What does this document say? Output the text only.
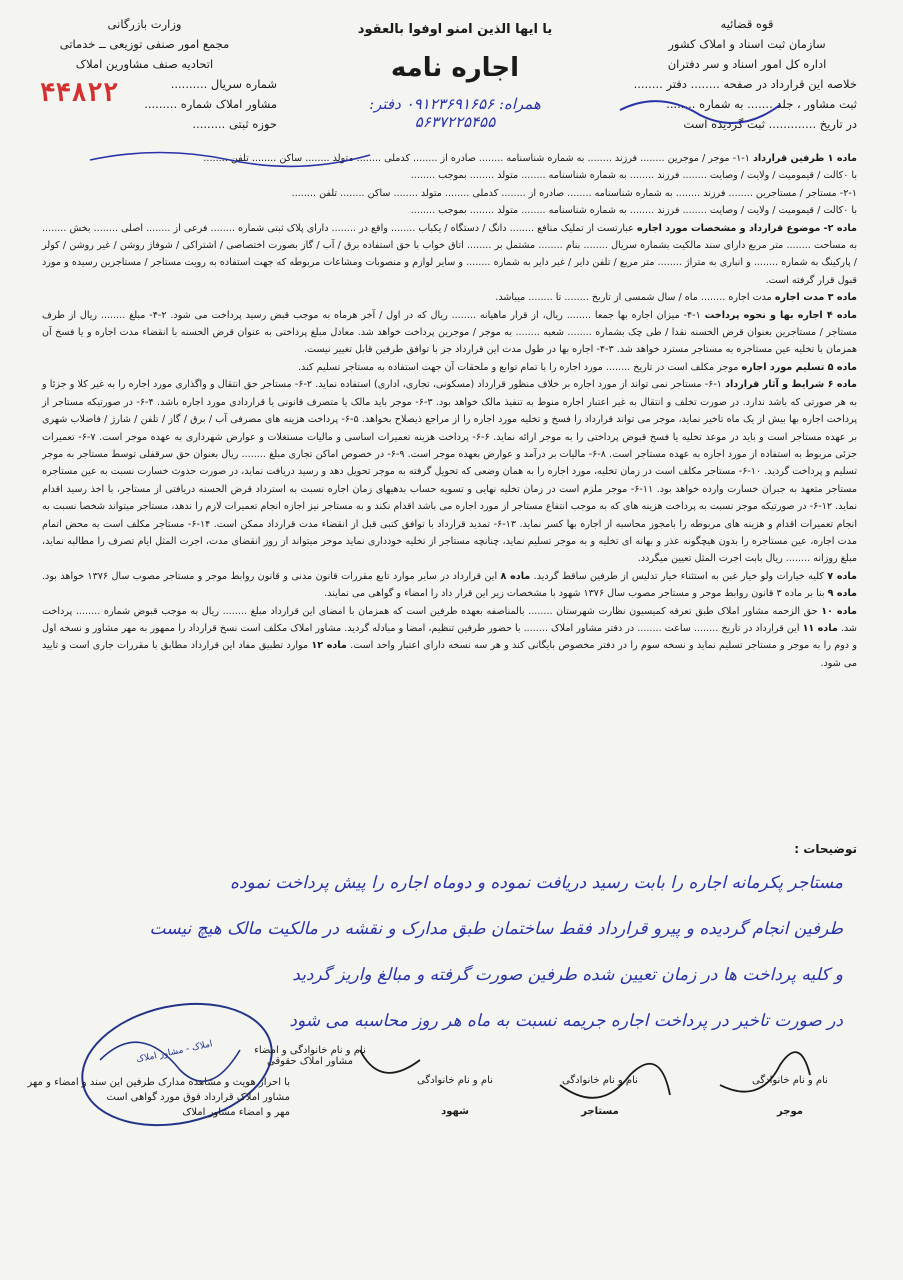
قوه قضائیه
سازمان ثبت اسناد و املاک کشور
اداره کل امور اسناد و سر دفتران
خلاصه این قرارداد در صفحه ........ دفتر ........
ثبت مشاور ، جلد ....... به شماره ........
در تاریخ ............. ثبت گردیده است
یا ایها الذین امنو اوفوا بالعقود
اجاره نامه
همراه: ۰۹۱۲۳۶۹۱۶۵۶ دفتر: ۵۶۳۷۲۲۵۴۵۵
وزارت بازرگانی
مجمع امور صنفی توزیعی ــ خدماتی
اتحادیه صنف مشاورین املاک
شماره سریال ..........
مشاور املاک شماره .........
حوزه ثبتی .........
۴۴۸۲۲

ماده ۱ طرفین قرارداد ۱-۱- موجر / موجرین ........ فرزند ........ به شماره شناسنامه ........ صادره از ........ کدملی ........ متولد ........ ساکن ........ تلفن ........

با ۰کالت / قیمومیت / ولایت / وصایت ........ فرزند ........ به شماره شناسنامه ........ متولد ........ بموجب ........

۲-۱- مستاجر / مستاجرین ........ فرزند ........ به شماره شناسنامه ........ صادره از ........ کدملی ........ متولد ........ ساکن ........ تلفن ........

با ۰کالت / قیمومیت / ولایت / وصایت ........ فرزند ........ به شماره شناسنامه ........ متولد ........ بموجب ........

ماده ۲- موضوع قرارداد و مشخصات مورد اجاره عبارتست از تملیک منافع ........ دانگ / دستگاه / یکباب ........ واقع در ........ دارای پلاک ثبتی شماره ........ فرعی از ........ اصلی ........ بخش ........ به مساحت ........ متر مربع دارای سند مالکیت بشماره سریال ........ بنام ........ مشتمل بر ........ اتاق خواب با حق استفاده برق / آب / گاز بصورت اختصاصی / اشتراکی / شوفاژ روشن / غیر روشن / کولر / پارکینگ به شماره ........ و انباری به متراژ ........ متر مربع / تلفن دایر / غیر دایر به شماره ........ و سایر لوازم و منصوبات ومشاعات مربوطه که جهت استفاده به رویت مستاجر / مستاجرین رسیده و مورد قبول قرار گرفته است.

ماده ۳ مدت اجاره مدت اجاره ........ ماه / سال شمسی از تاریخ ........ تا ........ میباشد.

ماده ۴ اجاره بها و نحوه پرداخت ۱-۴- میزان اجاره بها جمعا ........ ریال، از قرار ماهیانه ........ ریال که در اول / آخر هرماه به موجب قبض رسید پرداخت می شود. ۲-۴- مبلغ ........ ریال از طرف مستاجر / مستاجرین بعنوان قرض الحسنه نقدا / طی چک بشماره ........ شعبه ........ به موجر / موجرین پرداخت خواهد شد. معادل مبلغ پرداختی به عنوان قرض الحسنه با انقضاء مدت اجاره و یا فسخ آن همزمان با تخلیه عین مستاجره به مستاجر مسترد خواهد شد. ۳-۴- اجاره بها در طول مدت این قرارداد جز با توافق طرفین قابل تغییر نیست.

ماده ۵ تسلیم مورد اجاره موجر مکلف است در تاریخ ........ مورد اجاره را با تمام توابع و ملحقات آن جهت استفاده به مستاجر تسلیم کند.

ماده ۶ شرایط و آثار قرارداد ۱-۶- مستاجر نمی تواند از مورد اجاره بر خلاف منظور قرارداد (مسکونی، تجاری، اداری) استفاده نماید. ۲-۶- مستاجر حق انتقال و واگذاری مورد اجاره را به غیر کلا و جزئا و به هر صورتی که باشد ندارد. در صورت تخلف و انتقال به غیر اعتبار اجاره منوط به تنفیذ مالک خواهد بود. ۳-۶- موجر باید مالک یا متصرف قانونی یا قراردادی مورد اجاره باشد. ۴-۶- در صورتیکه مستاجر از پرداخت اجاره بها بیش از یک ماه تاخیر نماید، موجر می تواند قرارداد را فسخ و تخلیه مورد اجاره را از مراجع ذیصلاح بخواهد. ۵-۶- پرداخت هزینه های مصرفی آب / برق / گاز / تلفن / شارژ / فاضلاب شهری بر عهده مستاجر است و باید در موعد تخلیه یا فسخ قبوض پرداختی را به موجر ارائه نماید. ۶-۶- پرداخت هزینه تعمیرات اساسی و مالیات مستغلات و عوارض شهرداری به عهده موجر است. ۷-۶- تعمیرات جزئی مربوط به استفاده از مورد اجاره به عهده مستاجر است. ۸-۶- مالیات بر درآمد و عوارض بعهده موجر است. ۹-۶- در خصوص اماکن تجاری مبلغ ........ ریال بعنوان حق سرقفلی توسط مستاجر به موجر تسلیم و پرداخت گردید. ۱۰-۶- مستاجر مکلف است در زمان تخلیه، مورد اجاره را به همان وضعی که تحویل گرفته به موجر تحویل دهد و رسید دریافت نماید، در صورت حدوث خسارت نسبت به عین مستاجره مستاجر متعهد به جبران خسارت وارده خواهد بود. ۱۱-۶- موجر ملزم است در زمان تخلیه نهایی و تسویه حساب بدهیهای زمان اجاره نسبت به استرداد قرض الحسنه دریافتی از مستاجر، با اخذ رسید اقدام نماید. ۱۲-۶- در صورتیکه موجر نسبت به پرداخت هزینه های که به موجب انتفاع مستاجر از مورد اجاره می باشد اقدام نکند و به مستاجر نیز اجازه انجام تعمیرات لازم را ندهد، مستاجر میتواند شخصا نسبت به انجام تعمیرات اقدام و هزینه های مربوطه را بامجوز محاسبه از اجاره بها کسر نماید. ۱۳-۶- تمدید قرارداد با توافق کتبی قبل از انقضاء مدت قرارداد ممکن است. ۱۴-۶- مستاجر مکلف است به محض اتمام مدت اجاره، عین مستاجره را بدون هیچگونه عذر و بهانه ای تخلیه و به موجر تسلیم نماید، چنانچه مستاجر از تخلیه خودداری نماید موجر میتواند از روز انقضای مدت، اجرت المثل ایام تصرف را مطالبه نماید، مبلغ روزانه ........ ریال بابت اجرت المثل تعیین میگردد.

ماده ۷ کلیه خیارات ولو خیار غبن به استثناء خیار تدلیس از طرفین ساقط گردید. ماده ۸ این قرارداد در سایر موارد تابع مقررات قانون مدنی و قانون روابط موجر و مستاجر مصوب سال ۱۳۷۶ خواهد بود. ماده ۹ بنا بر ماده ۳ قانون روابط موجر و مستاجر مصوب سال ۱۳۷۶ شهود با مشخصات زیر این قرار داد را امضاء و گواهی می نمایند.

ماده ۱۰ حق الزحمه مشاور املاک طبق تعرفه کمیسیون نظارت شهرستان ........ بالمناصفه بعهده طرفین است که همزمان با امضای این قرارداد مبلغ ........ ریال به موجب قبوض شماره ........ پرداخت شد. ماده ۱۱ این قرارداد در تاریخ ........ ساعت ........ در دفتر مشاور املاک ........ با حضور طرفین تنظیم، امضا و مبادله گردید. مشاور املاک مکلف است نسخ قرارداد را ممهور به مهر مشاور و نسخه اول و دوم را به موجر و مستاجر تسلیم نماید و نسخه سوم را در دفتر مخصوص بایگانی کند و هر سه نسخه دارای اعتبار واحد است. ماده ۱۲ موارد تطبیق مفاد این قرارداد مطابق با مقررات جاری است و تایید می شود.

توضیحات :
مستاجر پکرمانه اجاره را بابت رسید دریافت نموده و دوماه اجاره را پیش پرداخت نموده
طرفین انجام گردیده و پیرو قرارداد فقط ساختمان طبق مدارک و نقشه در مالکیت مالک هیچ نیست
و کلیه پرداخت ها در زمان تعیین شده طرفین صورت گرفته و مبالغ واریز گردید
در صورت تاخیر در پرداخت اجاره جریمه نسبت به ماه هر روز محاسبه می شود
املاک - مشاور املاک	نام و نام خانوادگی و امضاء مشاور املاک حقوقی
با احراز هویت و مشاهده مدارک طرفین این سند و امضاء و مهر مشاور املاک قرارداد فوق مورد گواهی است
مهر و امضاء مشاور املاک
نام و نام خانوادگی
شهود
نام و نام خانوادگی
مستاجر
نام و نام خانوادگی
موجر
